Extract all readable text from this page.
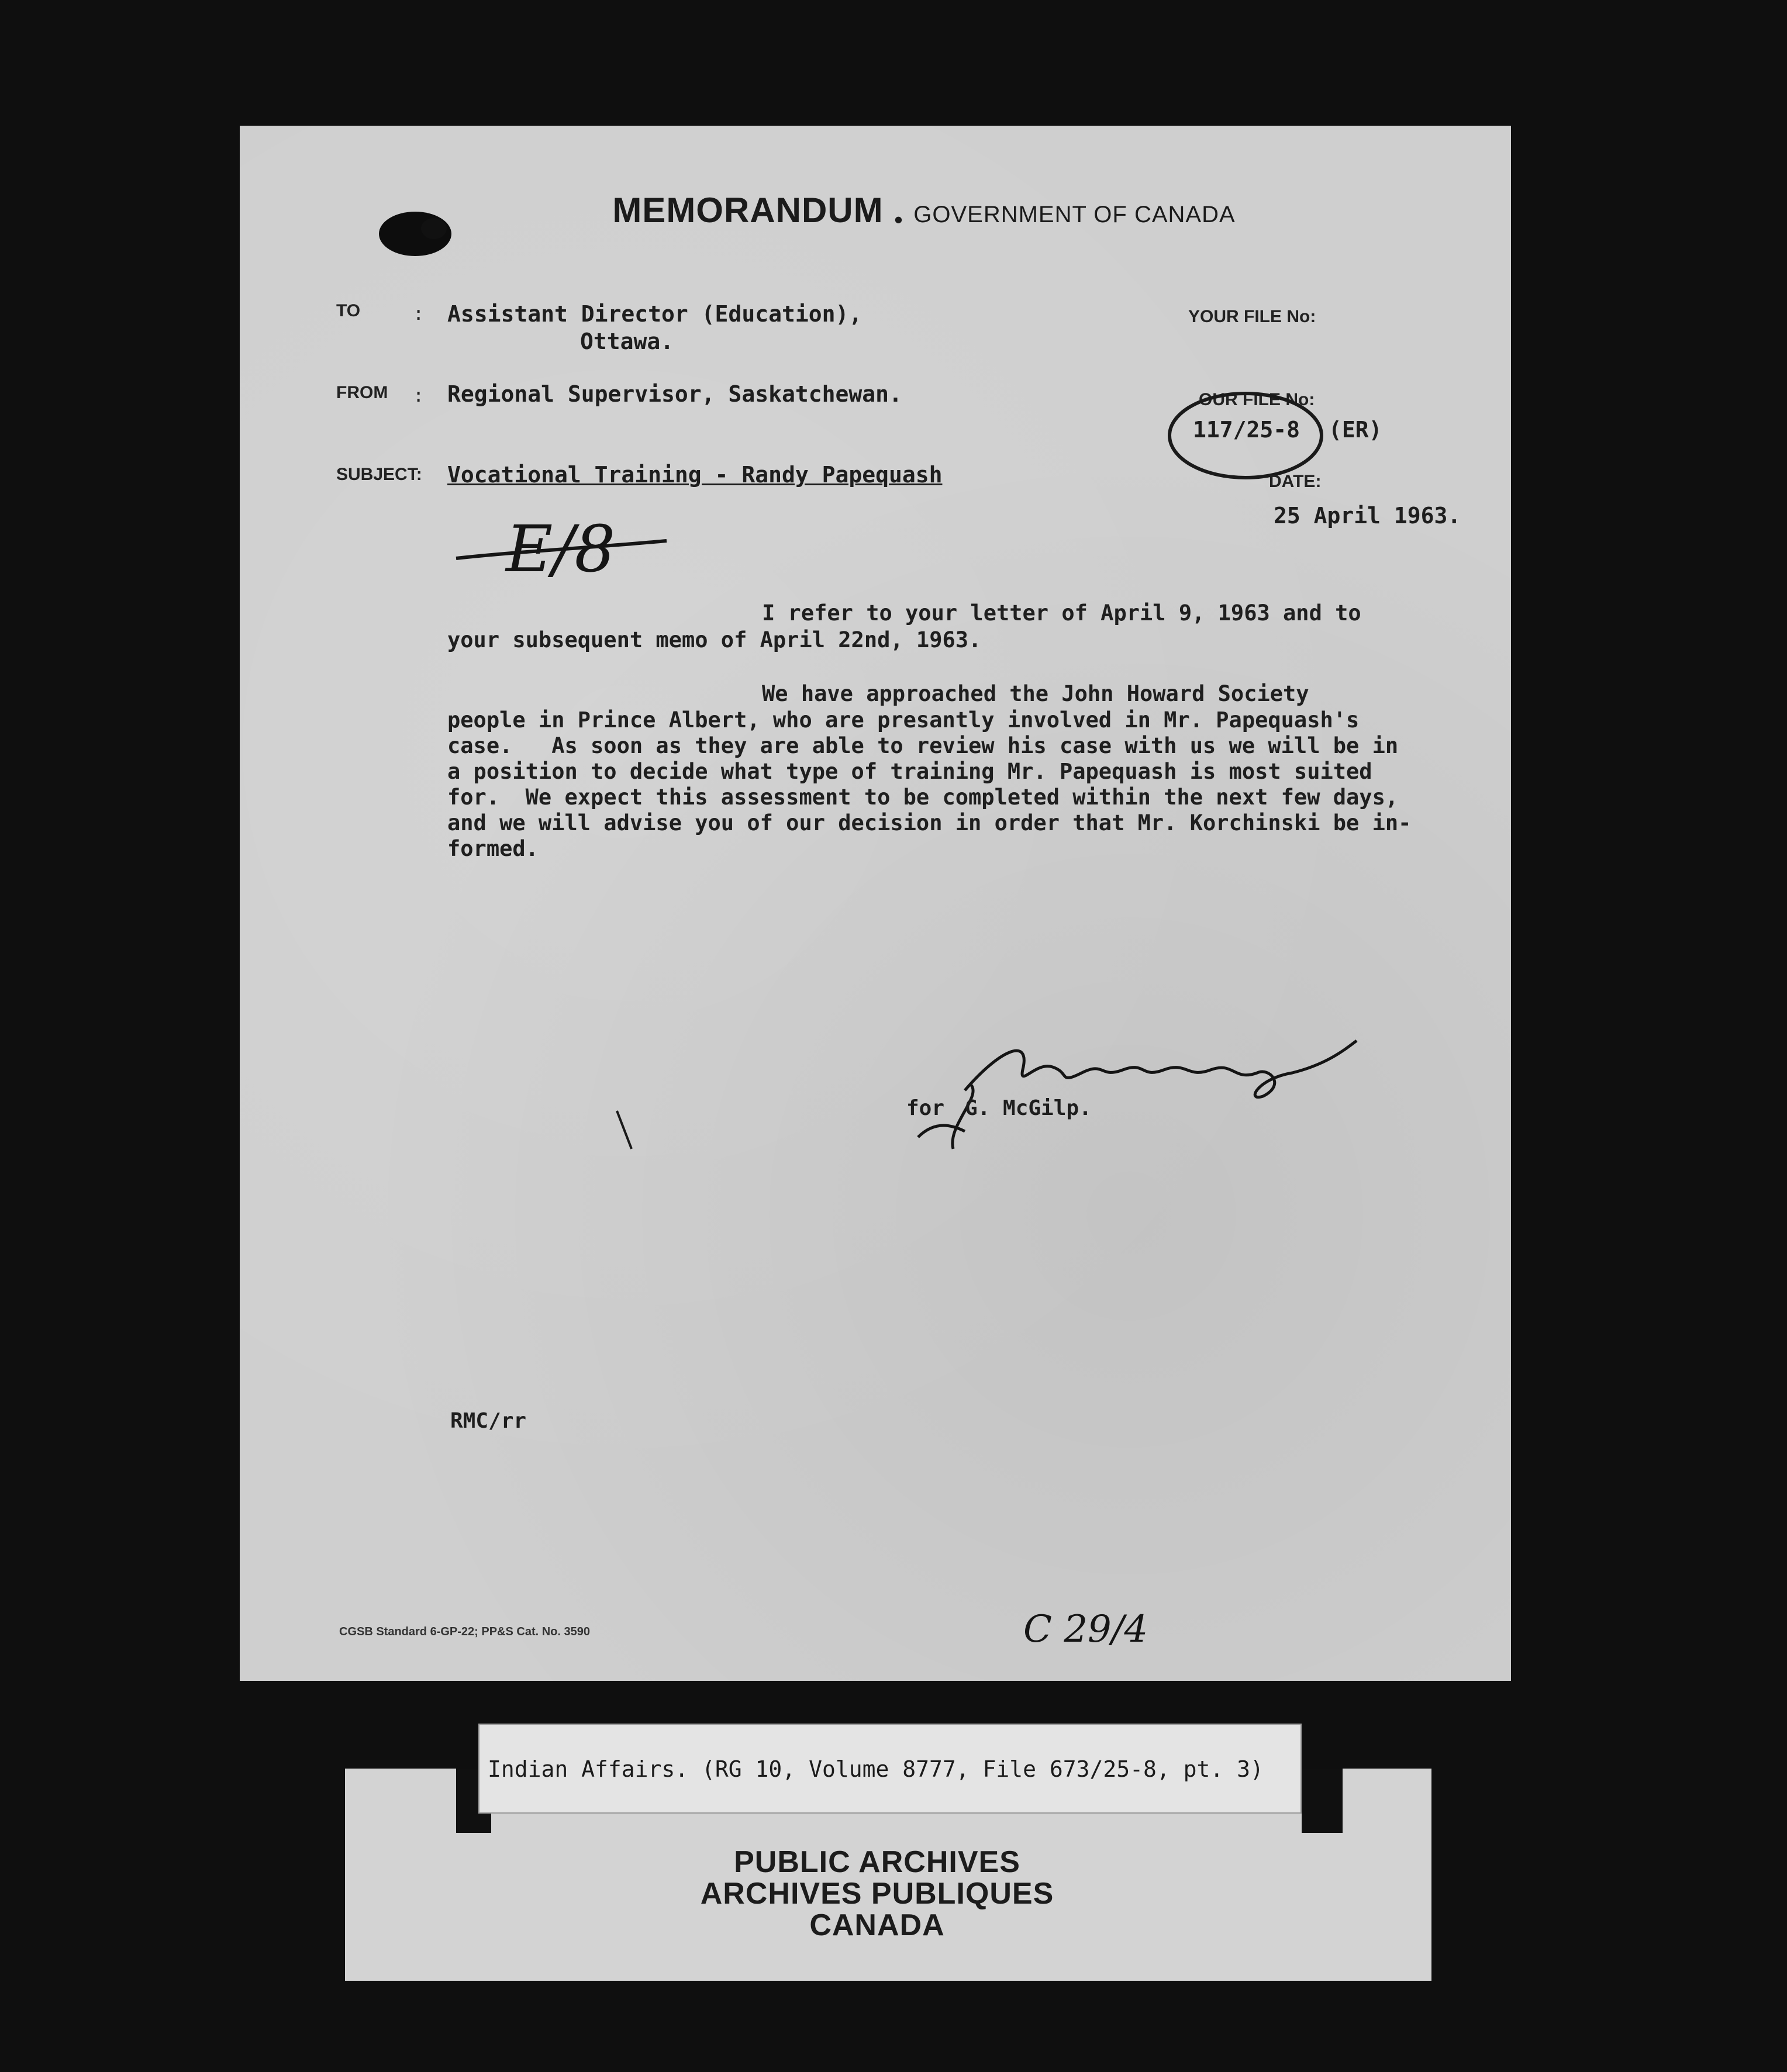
MEMORANDUM • GOVERNMENT OF CANADA
TO	: Assistant Director (Education),
Ottawa.
FROM : Regional Supervisor, Saskatchewan.
SUBJECT: Vocational Training - Randy Papequash
YOUR FILE No:
OUR FILE No:
117/25-8 (ER)
DATE:
25 April 1963.
E/8
I refer to your letter of April 9, 1963 and to
your subsequent memo of April 22nd, 1963.
We have approached the John Howard Society
people in Prince Albert, who are presantly involved in Mr. Papequash's
case.   As soon as they are able to review his case with us we will be in
a position to decide what type of training Mr. Papequash is most suited
for.  We expect this assessment to be completed within the next few days,
and we will advise you of our decision in order that Mr. Korchinski be in-
formed.
for G. McGilp.
RMC/rr
CGSB Standard 6-GP-22; PP&S Cat. No. 3590	C 29/4
Indian Affairs. (RG 10, Volume 8777, File 673/25-8, pt. 3)
PUBLIC ARCHIVES
ARCHIVES PUBLIQUES
CANADA
